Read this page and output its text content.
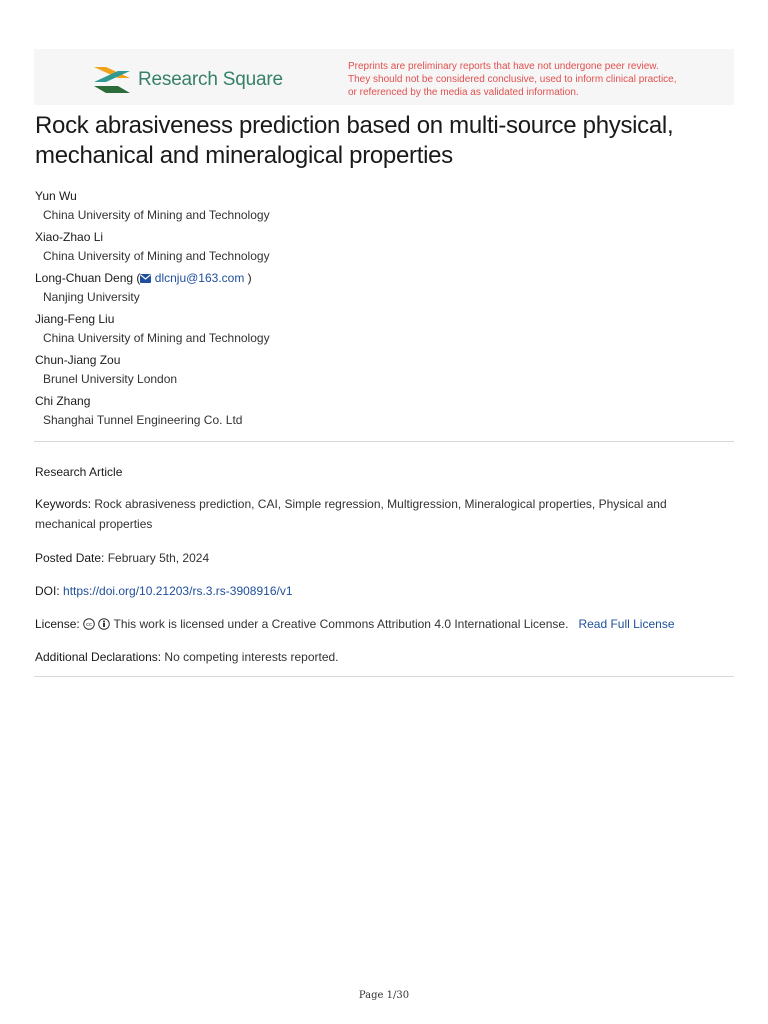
Research Square
Preprints are preliminary reports that have not undergone peer review.
They should not be considered conclusive, used to inform clinical practice,
or referenced by the media as validated information.
Rock abrasiveness prediction based on multi-source physical, mechanical and mineralogical properties
Yun Wu
China University of Mining and Technology
Xiao-Zhao Li
China University of Mining and Technology
Long-Chuan Deng ( dlcnju@163.com )
Nanjing University
Jiang-Feng Liu
China University of Mining and Technology
Chun-Jiang Zou
Brunel University London
Chi Zhang
Shanghai Tunnel Engineering Co. Ltd
Research Article
Keywords: Rock abrasiveness prediction, CAI, Simple regression, Multigression, Mineralogical properties, Physical and mechanical properties
Posted Date: February 5th, 2024
DOI: https://doi.org/10.21203/rs.3.rs-3908916/v1
License: cc This work is licensed under a Creative Commons Attribution 4.0 International License. Read Full License
Additional Declarations: No competing interests reported.
Page 1/30
